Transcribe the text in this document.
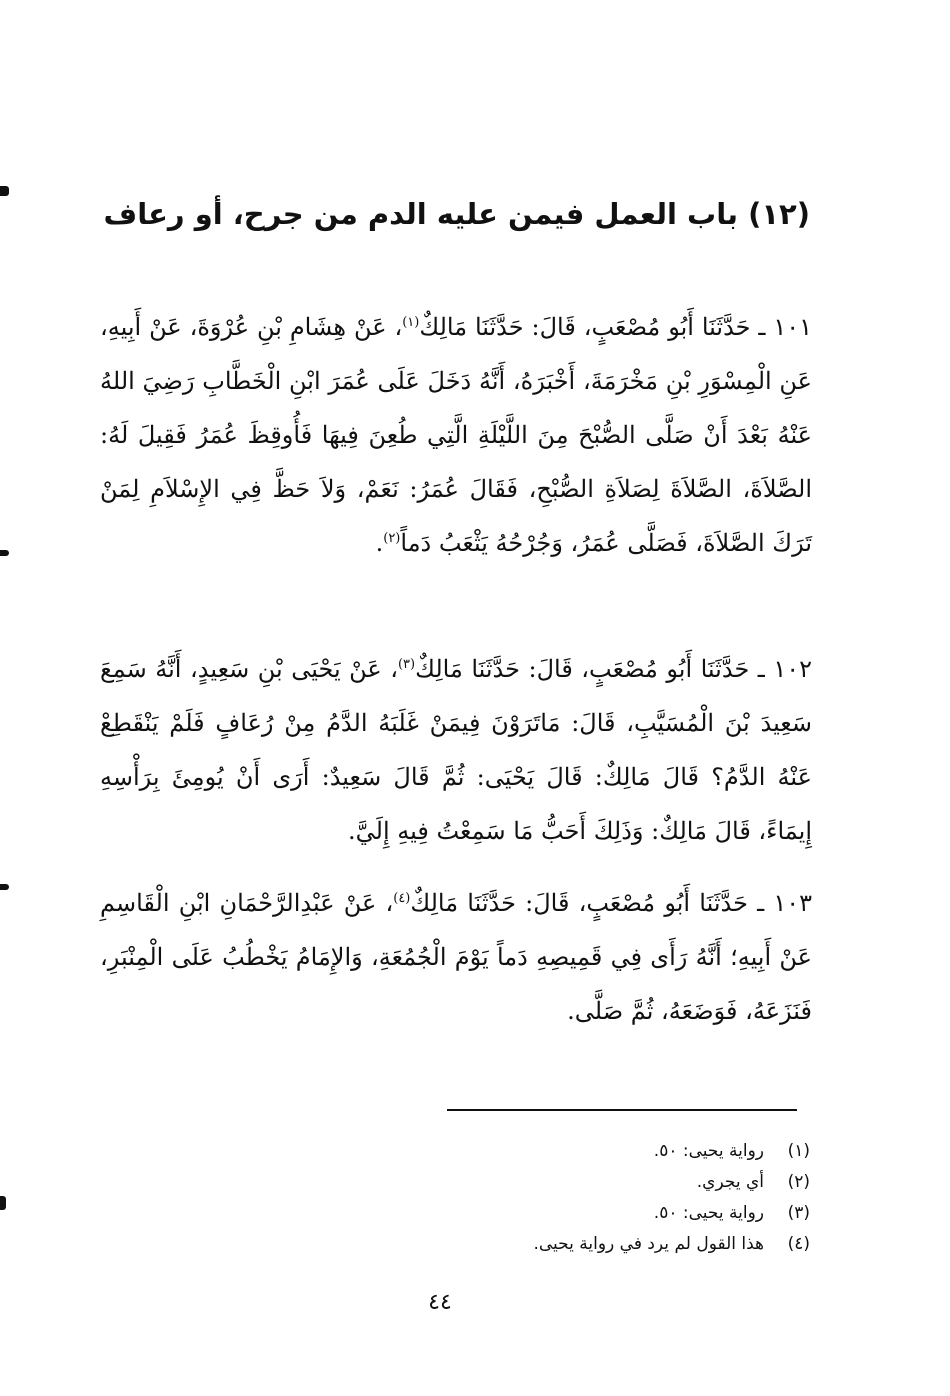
(١٢) باب العمل فيمن عليه الدم من جرح، أو رعاف

١٠١ ـ حَدَّثَنَا أَبُو مُصْعَبٍ، قَالَ: حَدَّثَنَا مَالِكٌ$^{(١)}$، عَنْ هِشَامِ بْنِ عُرْوَةَ، عَنْ أَبِيهِ، عَنِ الْمِسْوَرِ بْنِ مَخْرَمَةَ، أَخْبَرَهُ، أَنَّهُ دَخَلَ عَلَى عُمَرَ ابْنِ الْخَطَّابِ رَضِيَ اللهُ عَنْهُ بَعْدَ أَنْ صَلَّى الصُّبْحَ مِنَ اللَّيْلَةِ الَّتِي طُعِنَ فِيهَا فَأُوقِظَ عُمَرُ فَقِيلَ لَهُ: الصَّلاَةَ، الصَّلاَةَ لِصَلاَةِ الصُّبْحِ، فَقَالَ عُمَرُ: نَعَمْ، وَلاَ حَظَّ فِي الإِسْلاَمِ لِمَنْ تَرَكَ الصَّلاَةَ، فَصَلَّى عُمَرُ، وَجُرْحُهُ يَثْعَبُ دَماً$^{(٢)}$.

١٠٢ ـ حَدَّثَنَا أَبُو مُصْعَبٍ، قَالَ: حَدَّثَنَا مَالِكٌ$^{(٣)}$، عَنْ يَحْيَى بْنِ سَعِيدٍ، أَنَّهُ سَمِعَ سَعِيدَ بْنَ الْمُسَيَّبِ، قَالَ: مَاتَرَوْنَ فِيمَنْ غَلَبَهُ الدَّمُ مِنْ رُعَافٍ فَلَمْ يَنْقَطِعْ عَنْهُ الدَّمُ؟ قَالَ مَالِكٌ: قَالَ يَحْيَى: ثُمَّ قَالَ سَعِيدٌ: أَرَى أَنْ يُومِئَ بِرَأْسِهِ إِيمَاءً، قَالَ مَالِكٌ: وَذَلِكَ أَحَبُّ مَا سَمِعْتُ فِيهِ إِلَيَّ.

١٠٣ ـ حَدَّثَنَا أَبُو مُصْعَبٍ، قَالَ: حَدَّثَنَا مَالِكٌ$^{(٤)}$، عَنْ عَبْدِالرَّحْمَانِ ابْنِ الْقَاسِمِ عَنْ أَبِيهِ؛ أَنَّهُ رَأَى فِي قَمِيصِهِ دَماً يَوْمَ الْجُمُعَةِ، وَالإِمَامُ يَخْطُبُ عَلَى الْمِنْبَرِ، فَنَزَعَهُ، فَوَضَعَهُ، ثُمَّ صَلَّى.

(١)
رواية يحيى: ٥٠.
(٢)
أي يجري.
(٣)
رواية يحيى: ٥٠.
(٤)
هذا القول لم يرد في رواية يحيى.
٤٤
